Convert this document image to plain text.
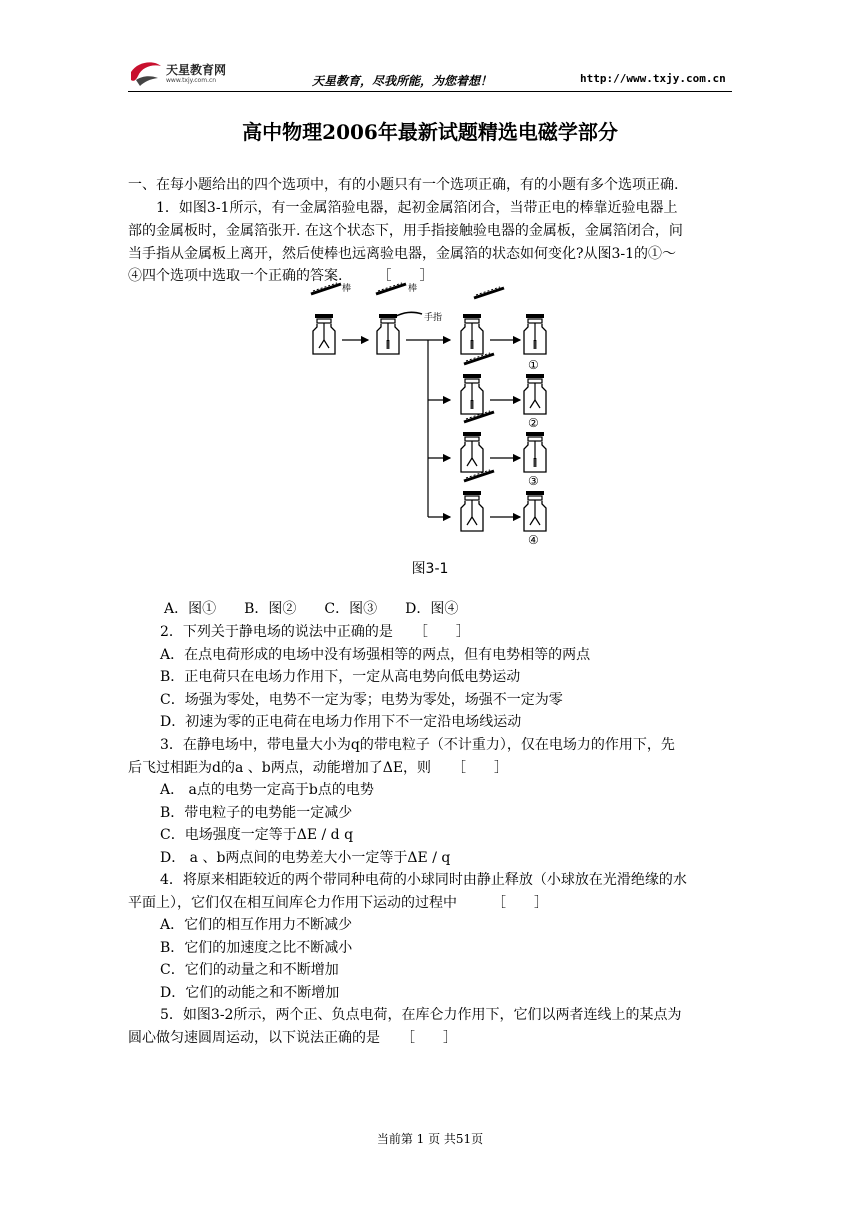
天星教育网
www.txjy.com.cn	天星教育，尽我所能，为您着想！	http://www.txjy.com.cn
高中物理2006年最新试题精选电磁学部分
一、在每小题给出的四个选项中，有的小题只有一个选项正确，有的小题有多个选项正确.
1．如图3-1所示，有一金属箔验电器，起初金属箔闭合，当带正电的棒靠近验电器上
部的金属板时，金属箔张开. 在这个状态下，用手指接触验电器的金属板，金属箔闭合，问
当手指从金属板上离开，然后使棒也远离验电器，金属箔的状态如何变化?从图3-1的①～
④四个选项中选取一个正确的答案.　　　［　　］
棒	棒
手指
①
②
③
④
图3-1
A．图①　　B．图②　　C．图③　　D．图④
2．下列关于静电场的说法中正确的是　　［　　］
A．在点电荷形成的电场中没有场强相等的两点，但有电势相等的两点
B．正电荷只在电场力作用下，一定从高电势向低电势运动
C．场强为零处，电势不一定为零；电势为零处，场强不一定为零
D．初速为零的正电荷在电场力作用下不一定沿电场线运动
3．在静电场中，带电量大小为q的带电粒子（不计重力），仅在电场力的作用下，先
后飞过相距为d的a 、b两点，动能增加了ΔE，则　　［　　］
A． a点的电势一定高于b点的电势
B．带电粒子的电势能一定减少
C．电场强度一定等于ΔE / d q
D． a 、b两点间的电势差大小一定等于ΔE / q
4．将原来相距较近的两个带同种电荷的小球同时由静止释放（小球放在光滑绝缘的水
平面上），它们仅在相互间库仑力作用下运动的过程中　　　［　　］
A．它们的相互作用力不断减少
B．它们的加速度之比不断减小
C．它们的动量之和不断增加
D．它们的动能之和不断增加
5．如图3-2所示，两个正、负点电荷，在库仑力作用下，它们以两者连线上的某点为
圆心做匀速圆周运动，以下说法正确的是　　［　　］
当前第 1 页 共51页
